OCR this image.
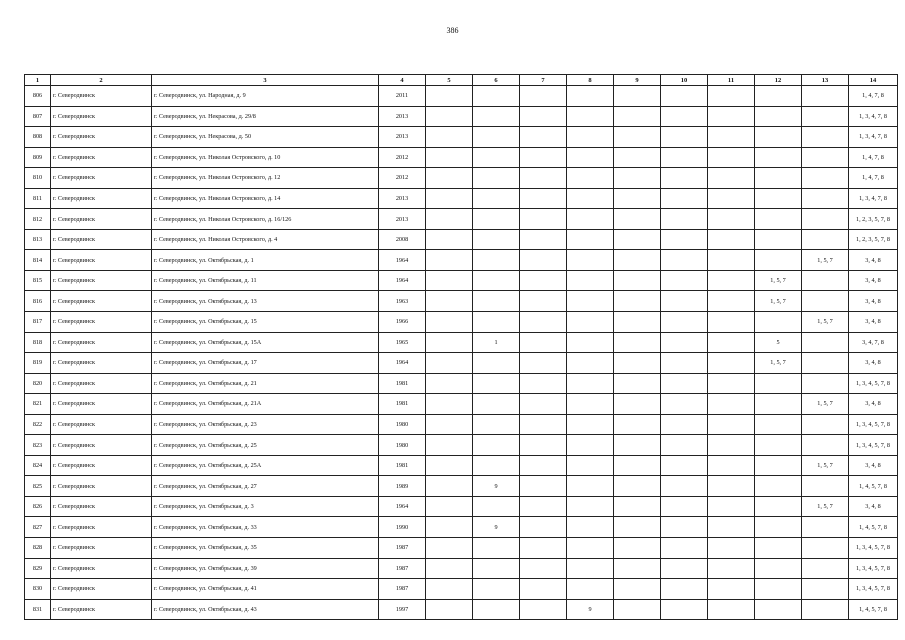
386
1	2	3	4	5	6	7	8	9	10	11	12	13	14
806	г. Северодвинск	г. Северодвинск, ул. Народная, д. 9	2011										1, 4, 7, 8
807	г. Северодвинск	г. Северодвинск, ул. Некрасова, д. 29/8	2013										1, 3, 4, 7, 8
808	г. Северодвинск	г. Северодвинск, ул. Некрасова, д. 50	2013										1, 3, 4, 7, 8
809	г. Северодвинск	г. Северодвинск, ул. Николая Островского, д. 10	2012										1, 4, 7, 8
810	г. Северодвинск	г. Северодвинск, ул. Николая Островского, д. 12	2012										1, 4, 7, 8
811	г. Северодвинск	г. Северодвинск, ул. Николая Островского, д. 14	2013										1, 3, 4, 7, 8
812	г. Северодвинск	г. Северодвинск, ул. Николая Островского, д. 16/126	2013										1, 2, 3, 5, 7, 8
813	г. Северодвинск	г. Северодвинск, ул. Николая Островского, д. 4	2008										1, 2, 3, 5, 7, 8
814	г. Северодвинск	г. Северодвинск, ул. Октябрьская, д. 1	1964									1, 5, 7	3, 4, 8
815	г. Северодвинск	г. Северодвинск, ул. Октябрьская, д. 11	1964								1, 5, 7		3, 4, 8
816	г. Северодвинск	г. Северодвинск, ул. Октябрьская, д. 13	1963								1, 5, 7		3, 4, 8
817	г. Северодвинск	г. Северодвинск, ул. Октябрьская, д. 15	1966									1, 5, 7	3, 4, 8
818	г. Северодвинск	г. Северодвинск, ул. Октябрьская, д. 15А	1965		1						5		3, 4, 7, 8
819	г. Северодвинск	г. Северодвинск, ул. Октябрьская, д. 17	1964								1, 5, 7		3, 4, 8
820	г. Северодвинск	г. Северодвинск, ул. Октябрьская, д. 21	1981										1, 3, 4, 5, 7, 8
821	г. Северодвинск	г. Северодвинск, ул. Октябрьская, д. 21А	1981									1, 5, 7	3, 4, 8
822	г. Северодвинск	г. Северодвинск, ул. Октябрьская, д. 23	1980										1, 3, 4, 5, 7, 8
823	г. Северодвинск	г. Северодвинск, ул. Октябрьская, д. 25	1980										1, 3, 4, 5, 7, 8
824	г. Северодвинск	г. Северодвинск, ул. Октябрьская, д. 25А	1981									1, 5, 7	3, 4, 8
825	г. Северодвинск	г. Северодвинск, ул. Октябрьская, д. 27	1989		9								1, 4, 5, 7, 8
826	г. Северодвинск	г. Северодвинск, ул. Октябрьская, д. 3	1964									1, 5, 7	3, 4, 8
827	г. Северодвинск	г. Северодвинск, ул. Октябрьская, д. 33	1990		9								1, 4, 5, 7, 8
828	г. Северодвинск	г. Северодвинск, ул. Октябрьская, д. 35	1987										1, 3, 4, 5, 7, 8
829	г. Северодвинск	г. Северодвинск, ул. Октябрьская, д. 39	1987										1, 3, 4, 5, 7, 8
830	г. Северодвинск	г. Северодвинск, ул. Октябрьская, д. 41	1987										1, 3, 4, 5, 7, 8
831	г. Северодвинск	г. Северодвинск, ул. Октябрьская, д. 43	1997				9						1, 4, 5, 7, 8
